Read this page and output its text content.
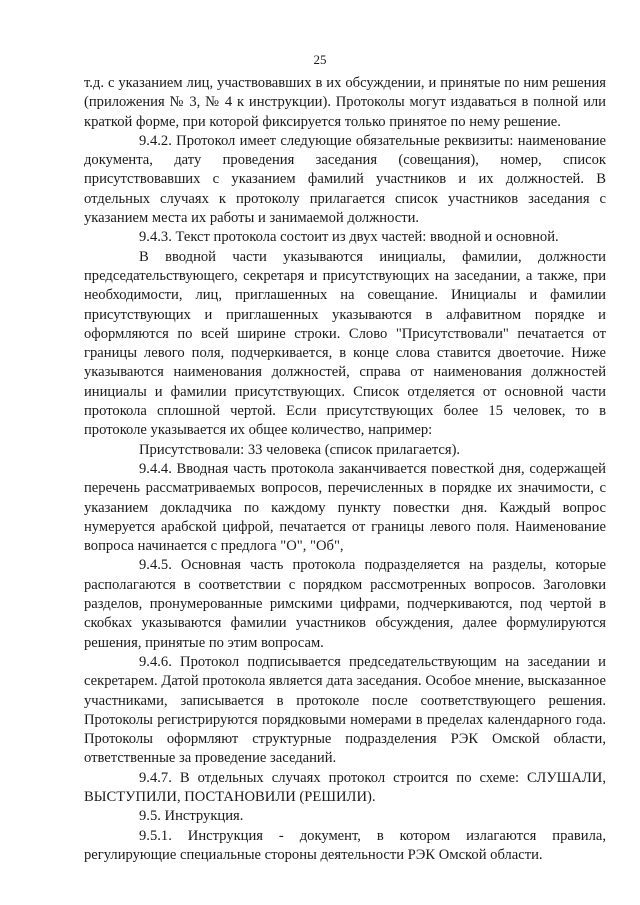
25

т.д. с указанием лиц, участвовавших в их обсуждении, и принятые по ним решения (приложения № 3, № 4 к инструкции). Протоколы могут издаваться в полной или краткой форме, при которой фиксируется только принятое по нему решение.

9.4.2. Протокол имеет следующие обязательные реквизиты: наименование документа, дату проведения заседания (совещания), номер, список присутствовавших с указанием фамилий участников и их должностей. В отдельных случаях к протоколу прилагается список участников заседания с указанием места их работы и занимаемой должности.

9.4.3. Текст протокола состоит из двух частей: вводной и основной.

В вводной части указываются инициалы, фамилии, должности председательствующего, секретаря и присутствующих на заседании, а также, при необходимости, лиц, приглашенных на совещание. Инициалы и фамилии присутствующих и приглашенных указываются в алфавитном порядке и оформляются по всей ширине строки. Слово "Присутствовали" печатается от границы левого поля, подчеркивается, в конце слова ставится двоеточие. Ниже указываются наименования должностей, справа от наименования должностей инициалы и фамилии присутствующих. Список отделяется от основной части протокола сплошной чертой. Если присутствующих более 15 человек, то в протоколе указывается их общее количество, например:

Присутствовали: 33 человека (список прилагается).

9.4.4. Вводная часть протокола заканчивается повесткой дня, содержащей перечень рассматриваемых вопросов, перечисленных в порядке их значимости, с указанием докладчика по каждому пункту повестки дня. Каждый вопрос нумеруется арабской цифрой, печатается от границы левого поля. Наименование вопроса начинается с предлога "О", "Об",

9.4.5. Основная часть протокола подразделяется на разделы, которые располагаются в соответствии с порядком рассмотренных вопросов. Заголовки разделов, пронумерованные римскими цифрами, подчеркиваются, под чертой в скобках указываются фамилии участников обсуждения, далее формулируются решения, принятые по этим вопросам.

9.4.6. Протокол подписывается председательствующим на заседании и секретарем. Датой протокола является дата заседания. Особое мнение, высказанное участниками, записывается в протоколе после соответствующего решения. Протоколы регистрируются порядковыми номерами в пределах календарного года. Протоколы оформляют структурные подразделения РЭК Омской области, ответственные за проведение заседаний.

9.4.7. В отдельных случаях протокол строится по схеме: СЛУШАЛИ, ВЫСТУПИЛИ, ПОСТАНОВИЛИ (РЕШИЛИ).

9.5. Инструкция.

9.5.1. Инструкция - документ, в котором излагаются правила, регулирующие специальные стороны деятельности РЭК Омской области.
